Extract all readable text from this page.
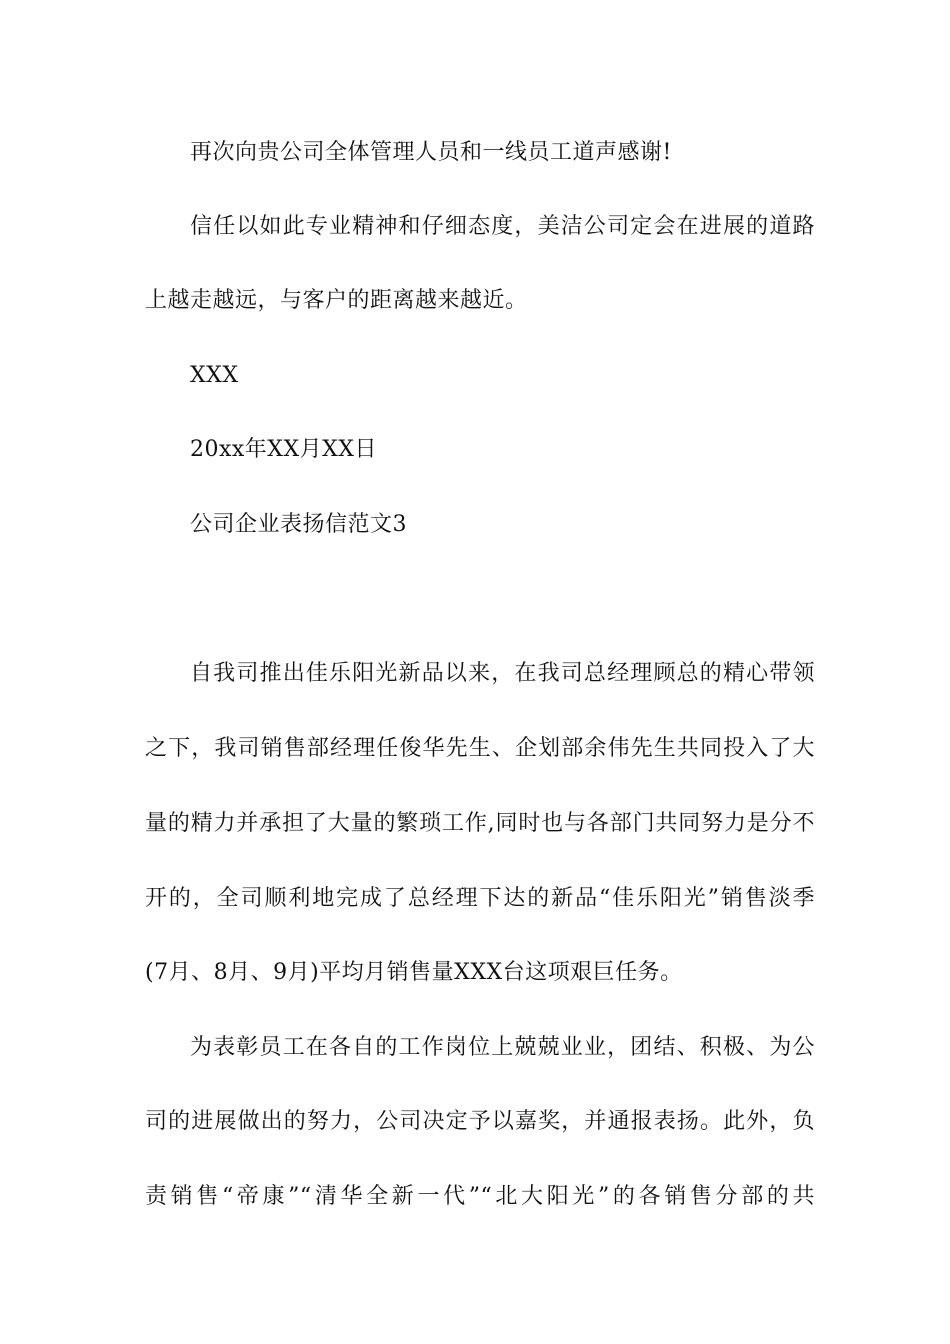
再次向贵公司全体管理人员和一线员工道声感谢!
信任以如此专业精神和仔细态度，美洁公司定会在进展的道路
上越走越远，与客户的距离越来越近。
XXX
20xx年XX月XX日
公司企业表扬信范文3
自我司推出佳乐阳光新品以来，在我司总经理顾总的精心带领
之下，我司销售部经理任俊华先生、企划部余伟先生共同投入了大
量的精力并承担了大量的繁琐工作,同时也与各部门共同努力是分不
开的，全司顺利地完成了总经理下达的新品“佳乐阳光”销售淡季
(7月、8月、9月)平均月销售量XXX台这项艰巨任务。
为表彰员工在各自的工作岗位上兢兢业业，团结、积极、为公
司的进展做出的努力，公司决定予以嘉奖，并通报表扬。此外，负
责销售“帝康”“清华全新一代”“北大阳光”的各销售分部的共
